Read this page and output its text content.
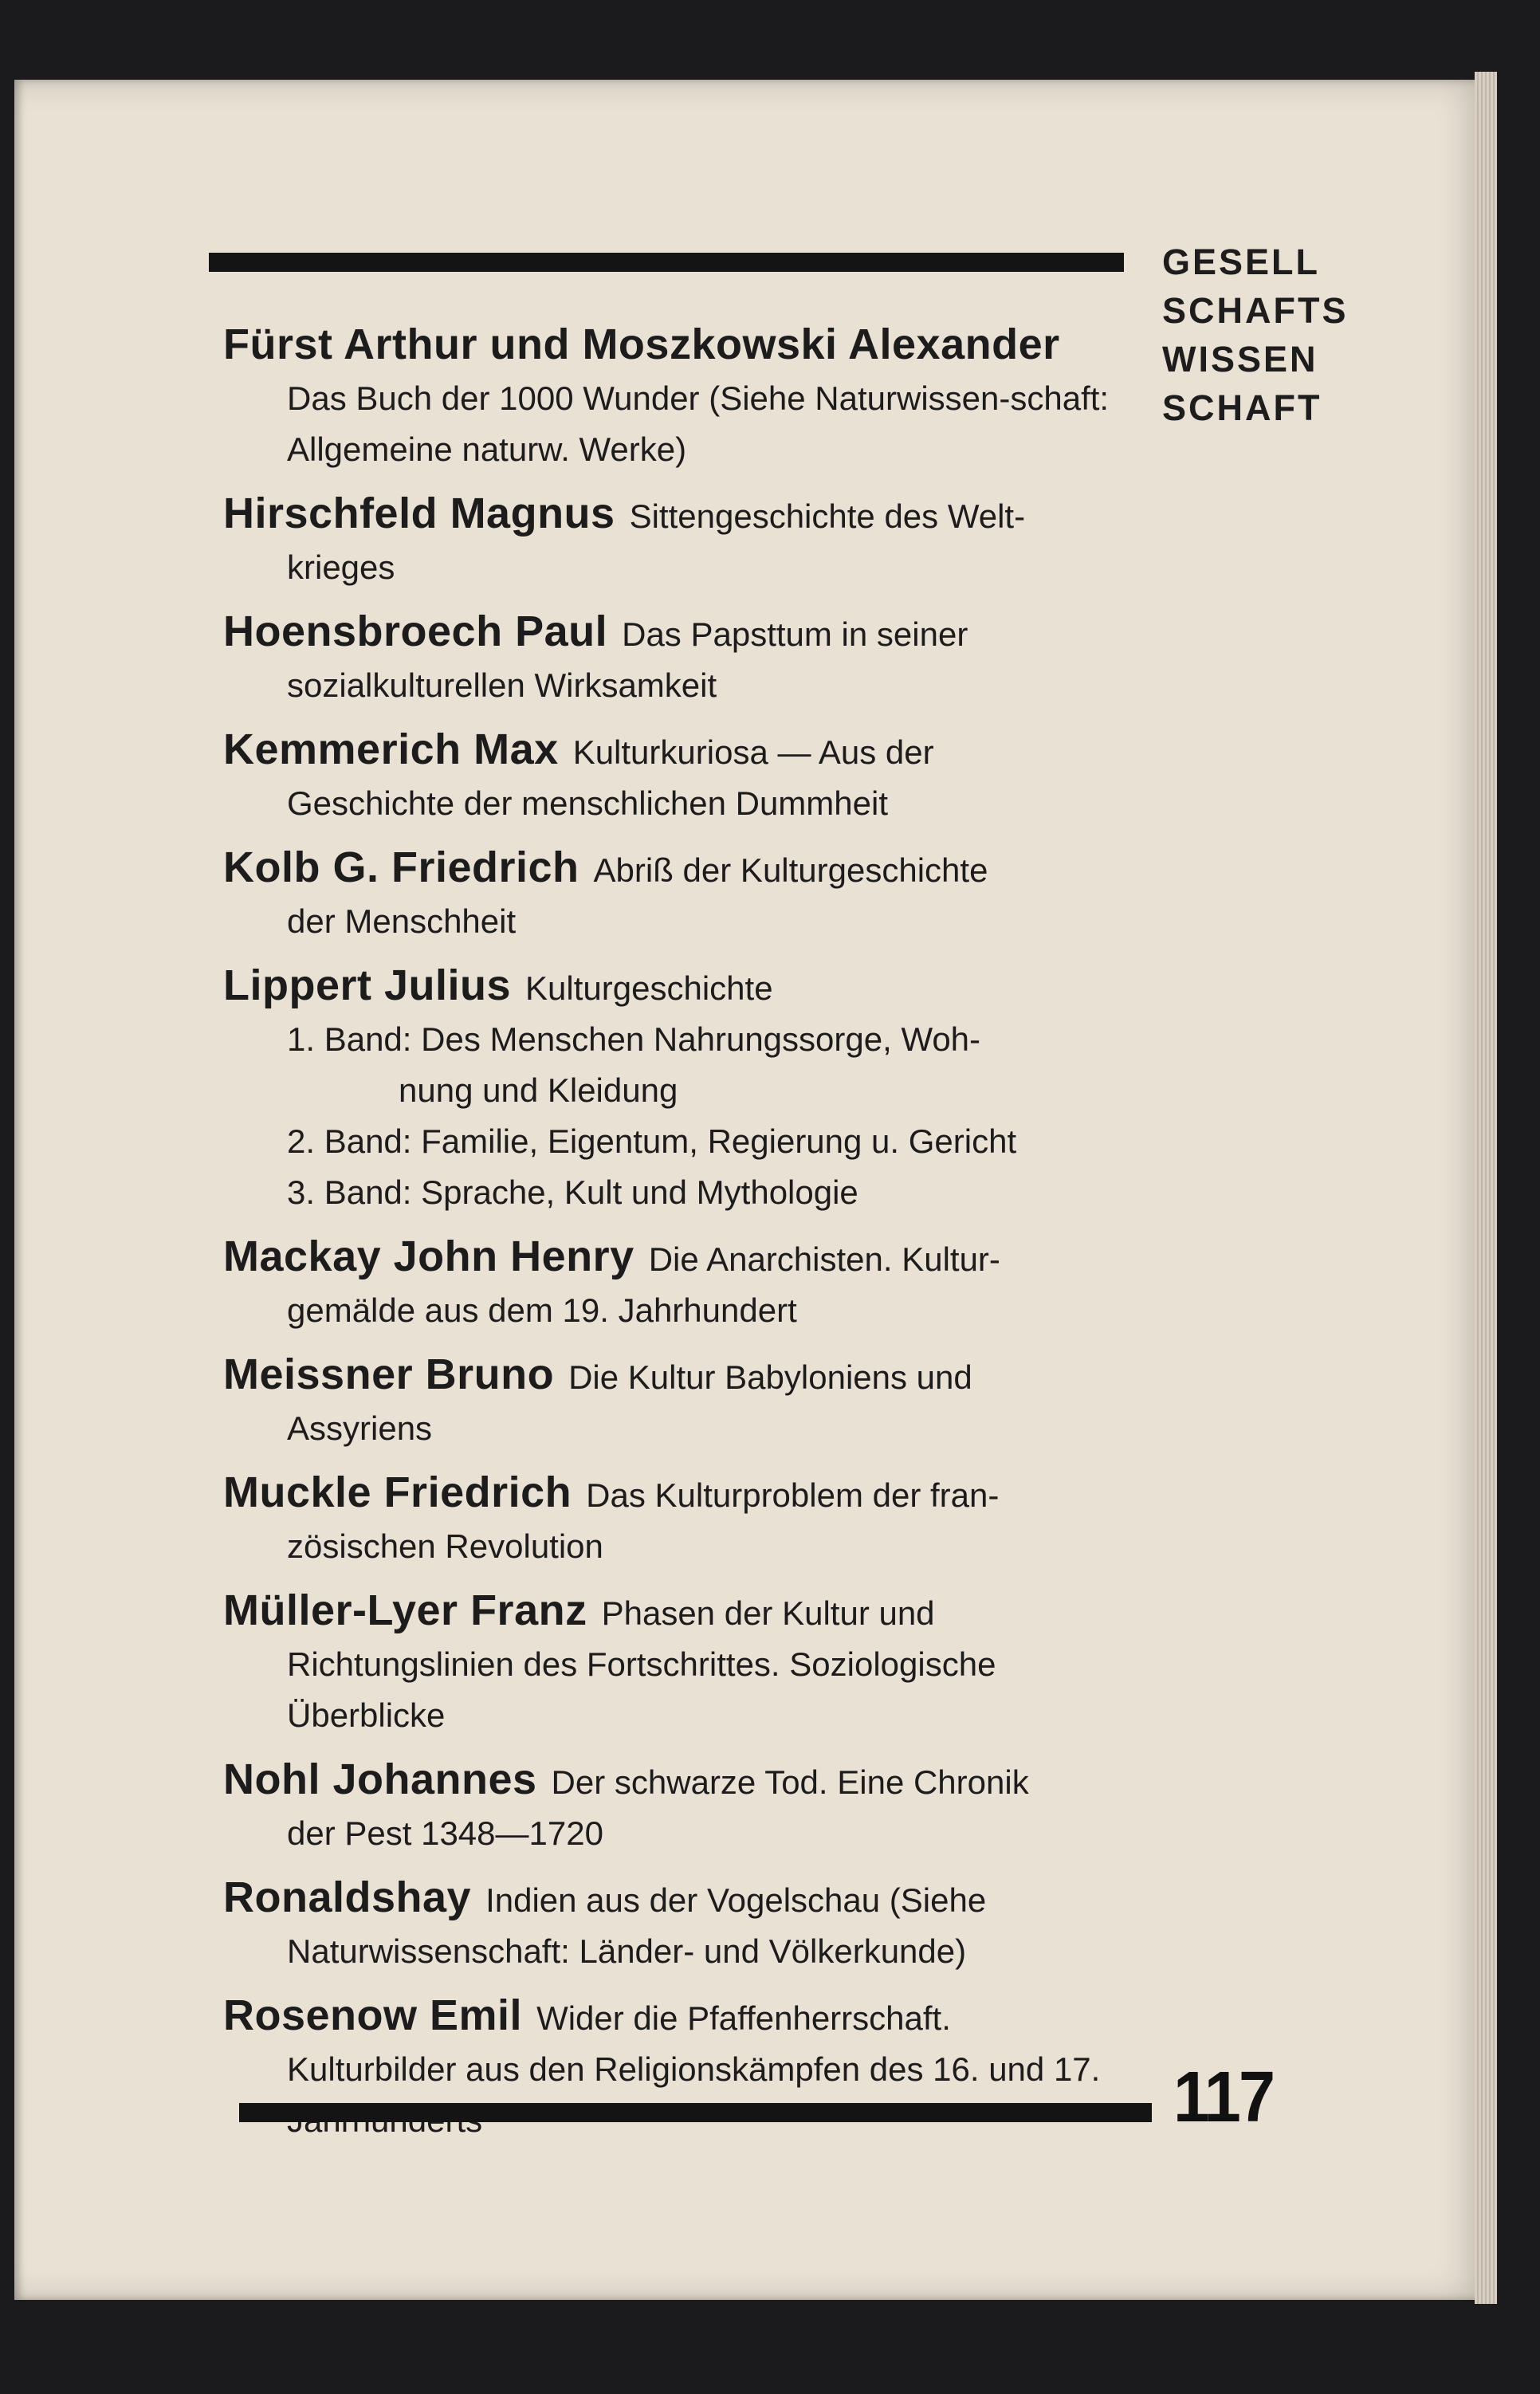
GESELL
SCHAFTS
WISSEN
SCHAFT

Fürst Arthur und Moszkowski Alexander

Das Buch der 1000 Wunder (Siehe Naturwissen-schaft: Allgemeine naturw. Werke)

Hirschfeld Magnus Sittengeschichte des Welt-

krieges

Hoensbroech Paul Das Papsttum in seiner

sozialkulturellen Wirksamkeit

Kemmerich Max Kulturkuriosa — Aus der

Geschichte der menschlichen Dummheit

Kolb G. Friedrich Abriß der Kulturgeschichte

der Menschheit

Lippert Julius Kulturgeschichte

1. Band: Des Menschen Nahrungssorge, Woh-
nung und Kleidung

2. Band: Familie, Eigentum, Regierung u. Gericht

3. Band: Sprache, Kult und Mythologie

Mackay John Henry Die Anarchisten. Kultur-

gemälde aus dem 19. Jahrhundert

Meissner Bruno Die Kultur Babyloniens und

Assyriens

Muckle Friedrich Das Kulturproblem der fran-

zösischen Revolution

Müller-Lyer Franz Phasen der Kultur und

Richtungslinien des Fortschrittes. Soziologische Überblicke

Nohl Johannes Der schwarze Tod. Eine Chronik

der Pest 1348—1720

Ronaldshay Indien aus der Vogelschau (Siehe

Naturwissenschaft: Länder- und Völkerkunde)

Rosenow Emil Wider die Pfaffenherrschaft.

Kulturbilder aus den Religionskämpfen des 16. und 17.	117
